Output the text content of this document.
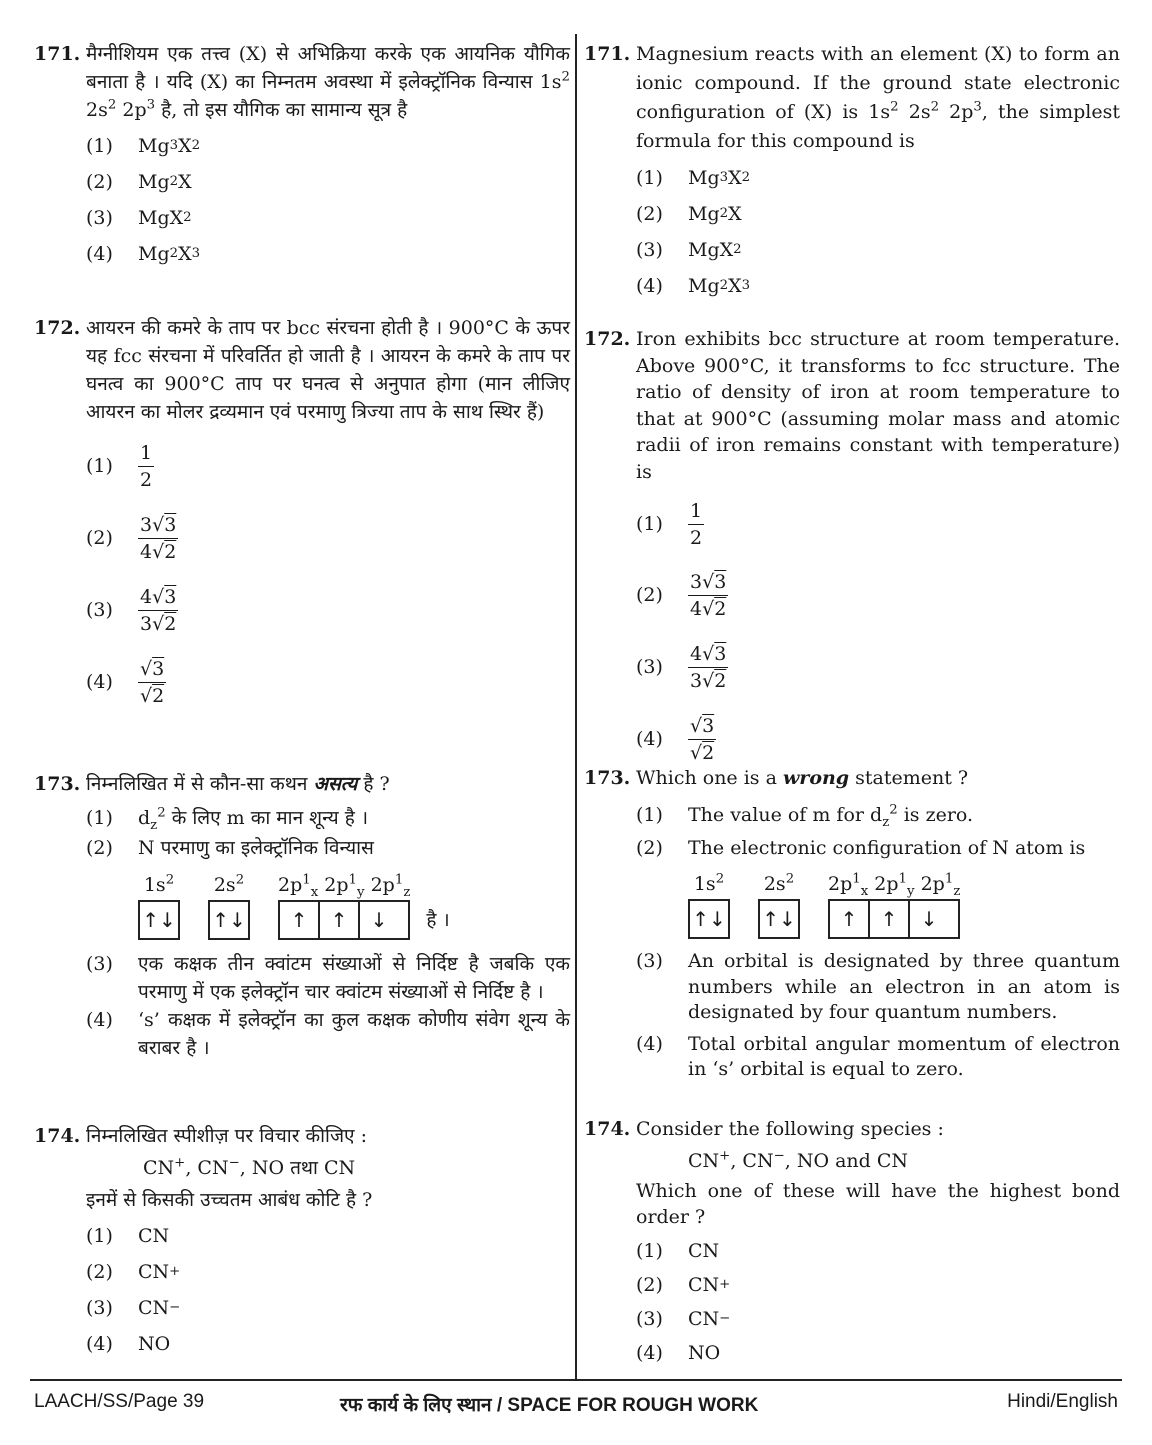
171. मैग्नीशियम एक तत्त्व (X) से अभिक्रिया करके एक आयनिक यौगिक बनाता है । यदि (X) का निम्नतम अवस्था में इलेक्ट्रॉनिक विन्यास $1s^2$ $2s^2$ $2p^3$ है, तो इस यौगिक का सामान्य सूत्र है
(1)	Mg 3 X 2
(2)	Mg 2 X
(3)	MgX 2
(4)	Mg 2 X 3
172. आयरन की कमरे के ताप पर bcc संरचना होती है । 900°C के ऊपर यह fcc संरचना में परिवर्तित हो जाती है । आयरन के कमरे के ताप पर घनत्व का 900°C ताप पर घनत्व से अनुपात होगा (मान लीजिए आयरन का मोलर द्रव्यमान एवं परमाणु त्रिज्या ताप के साथ स्थिर हैं)
(1)	$\frac{1}{2}$
(2)	$\frac{3√3}{4√2}$
(3)	$\frac{4√3}{3√2}$
(4)	$\frac{√3}{√2}$
173. निम्नलिखित में से कौन-सा कथन असत्य है ?
(1)	$d_z^2$ के लिए m का मान शून्य है ।
(2)	N परमाणु का इलेक्ट्रॉनिक विन्यास
$1s^2$
↑↓
$2s^2$
↑↓
$2p^1_x$ $2p^1_y$ $2p^1_z$
↑	↑	↓	है ।
(3)	एक कक्षक तीन क्वांटम संख्याओं से निर्दिष्ट है जबकि एक परमाणु में एक इलेक्ट्रॉन चार क्वांटम संख्याओं से निर्दिष्ट है ।
(4)	‘s’ कक्षक में इलेक्ट्रॉन का कुल कक्षक कोणीय संवेग शून्य के बराबर है ।
174. निम्नलिखित स्पीशीज़ पर विचार कीजिए :
CN+, CN−, NO तथा CN
इनमें से किसकी उच्चतम आबंध कोटि है ?
(1)	CN
(2)	CN +
(3)	CN −
(4)	NO
171. Magnesium reacts with an element (X) to form an ionic compound. If the ground state electronic configuration of (X) is $1s^2$ $2s^2$ $2p^3$, the simplest formula for this compound is
(1)	Mg 3 X 2
(2)	Mg 2 X
(3)	MgX 2
(4)	Mg 2 X 3
172. Iron exhibits bcc structure at room temperature. Above 900°C, it transforms to fcc structure. The ratio of density of iron at room temperature to that at 900°C (assuming molar mass and atomic radii of iron remains constant with temperature) is
(1)	$\frac{1}{2}$
(2)	$\frac{3√3}{4√2}$
(3)	$\frac{4√3}{3√2}$
(4)	$\frac{√3}{√2}$
173. Which one is a wrong statement ?
(1)	The value of m for $d_z^2$ is zero.
(2)	The electronic configuration of N atom is
$1s^2$
↑↓
$2s^2$
↑↓
$2p^1_x$ $2p^1_y$ $2p^1_z$
↑	↑	↓
(3)	An orbital is designated by three quantum numbers while an electron in an atom is designated by four quantum numbers.
(4)	Total orbital angular momentum of electron in ‘s’ orbital is equal to zero.
174. Consider the following species :
CN+, CN−, NO and CN
Which one of these will have the highest bond order ?
(1)	CN
(2)	CN +
(3)	CN −
(4)	NO
LAACH/SS/Page 39	रफ कार्य के लिए स्थान / SPACE FOR ROUGH WORK	Hindi/English
